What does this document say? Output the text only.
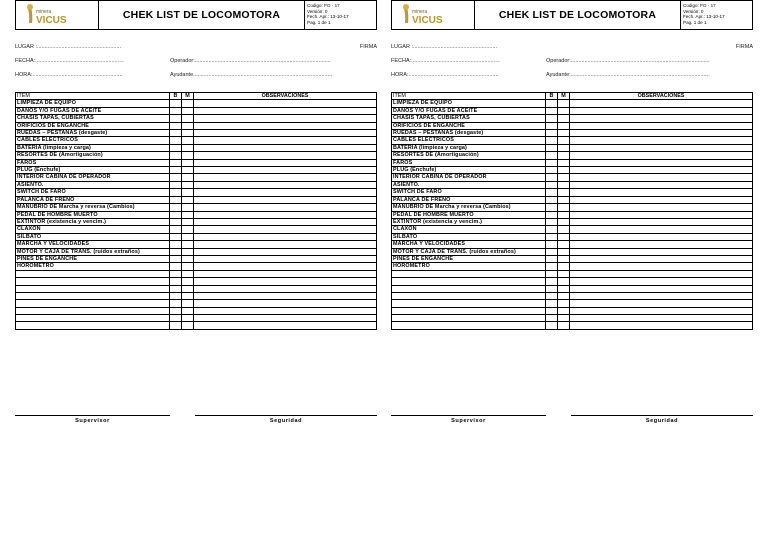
minera
VICUS	CHEK LIST DE LOCOMOTORA
Codigo: FO - 17
Versión: 0
Fech. Apr.: 13-10-17
Pag. 1 de 1
LUGAR :.......................................................	FIRMA
FECHA:..........................................................	Operador:.........................................................................................
HORA:...........................................................	Ayudante...........................................................................................
ITEM	B	M	OBSERVACIONES
LIMPIEZA DE EQUIPO			
DAÑOS Y/O FUGAS DE ACEITE			
CHASIS TAPAS, CUBIERTAS			
ORIFICIOS DE ENGANCHE			
RUEDAS – PESTAÑAS (desgaste)			
CABLES ELECTRICOS			
BATERIA (limpieza y carga)			
RESORTES DE (Amortiguación)			
FAROS			
PLUG (Enchufe)			
INTERIOR CABINA DE OPERADOR			
ASIENTO.			
SWITCH DE FARO			
PALANCA DE FRENO			
MANUBRIO DE Marcha y reversa (Cambios)			
PEDAL DE HOMBRE MUERTO			
EXTINTOR (existencia y vencim.)			
CLAXON			
SILBATO			
MARCHA Y VELOCIDADES			
MOTOR Y CAJA DE TRANS. (ruidos extraños)			
PINES DE ENGANCHE			
HOROMETRO			

Supervisor	Seguridad
minera
VICUS	CHEK LIST DE LOCOMOTORA
Codigo: FO - 17
Versión: 0
Fech. Apr.: 13-10-17
Pag. 1 de 1
LUGAR :.......................................................	FIRMA
FECHA:..........................................................	Operador:...........................................................................................
HORA:...........................................................	Ayudante:...........................................................................................
ITEM	B	M	OBSERVACIONES
LIMPIEZA DE EQUIPO			
DAÑOS Y/O FUGAS DE ACEITE			
CHASIS TAPAS, CUBIERTAS			
ORIFICIOS DE ENGANCHE			
RUEDAS – PESTAÑAS (desgaste)			
CABLES ELECTRICOS			
BATERIA (limpieza y carga)			
RESORTES DE (Amortiguación)			
FAROS			
PLUG (Enchufe)			
INTERIOR CABINA DE OPERADOR			
ASIENTO.			
SWITCH DE FARO			
PALANCA DE FRENO			
MANUBRIO DE Marcha y reversa (Cambios)			
PEDAL DE HOMBRE MUERTO			
EXTINTOR (existencia y vencim.)			
CLAXON			
SILBATO			
MARCHA Y VELOCIDADES			
MOTOR Y CAJA DE TRANS. (ruidos extraños)			
PINES DE ENGANCHE			
HOROMETRO			

Supervisor	Seguridad
